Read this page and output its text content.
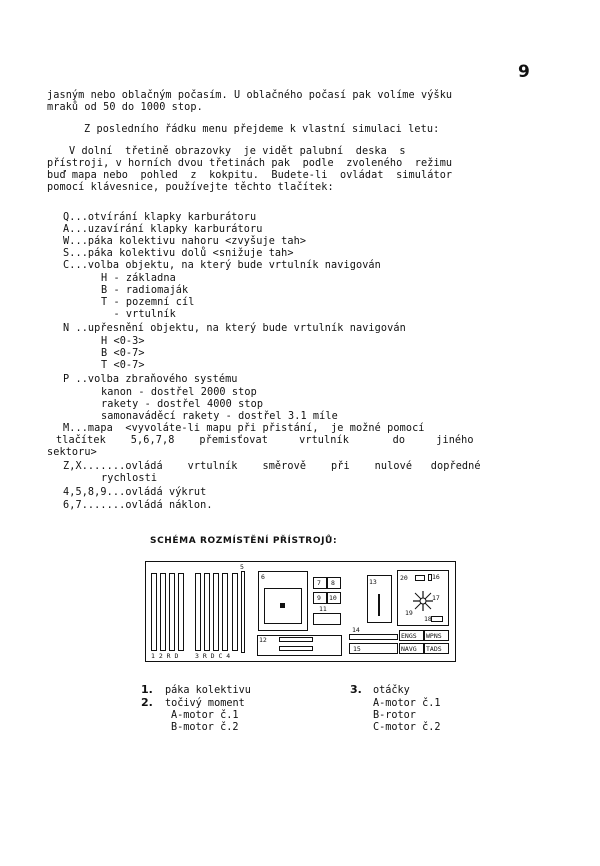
9
jasným nebo oblačným počasím. U oblačného počasí pak volíme výšku
mraků od 50 do 1000 stop.
Z posledního řádku menu přejdeme k vlastní simulaci letu:
V dolní  třetině obrazovky  je vidět palubní  deska  s
přístroji, v horních dvou třetinách pak  podle  zvoleného  režimu
buď mapa nebo  pohled  z  kokpitu.  Budete-li  ovládat  simulátor
pomocí klávesnice, používejte těchto tlačítek:
Q...otvírání klapky karburátoru
A...uzavírání klapky karburátoru
W...páka kolektivu nahoru <zvyšuje tah>
S...páka kolektivu dolů <snižuje tah>
C...volba objektu, na který bude vrtulník navigován
H - základna
B - radiomaják
T - pozemní cíl
- vrtulník
N ..upřesnění objektu, na který bude vrtulník navigován
H <0-3>
B <0-7>
T <0-7>
P ..volba zbraňového systému
kanon - dostřel 2000 stop
rakety - dostřel 4000 stop
samonaváděcí rakety - dostřel 3.1 míle
M...mapa  <vyvoláte-li mapu při přistání,  je možné pomocí
tlačítek    5,6,7,8    přemisťovat     vrtulník       do     jiného
sektoru>
Z,X.......ovládá    vrtulník    směrově    při    nulové   dopředné
rychlosti
4,5,8,9...ovládá výkrut
6,7.......ovládá náklon.
SCHÉMA ROZMÍSTĚNÍ PŘÍSTROJŮ:
1 2 R D	3 R D C 4
5
6
7 8
9 10
11
12
13
14
15
20	16
17
19
18
ENGS WPNS
NAVG TADS
1. páka kolektivu
2. točivý moment
A-motor č.1
B-motor č.2
3. otáčky
A-motor č.1
B-rotor
C-motor č.2
